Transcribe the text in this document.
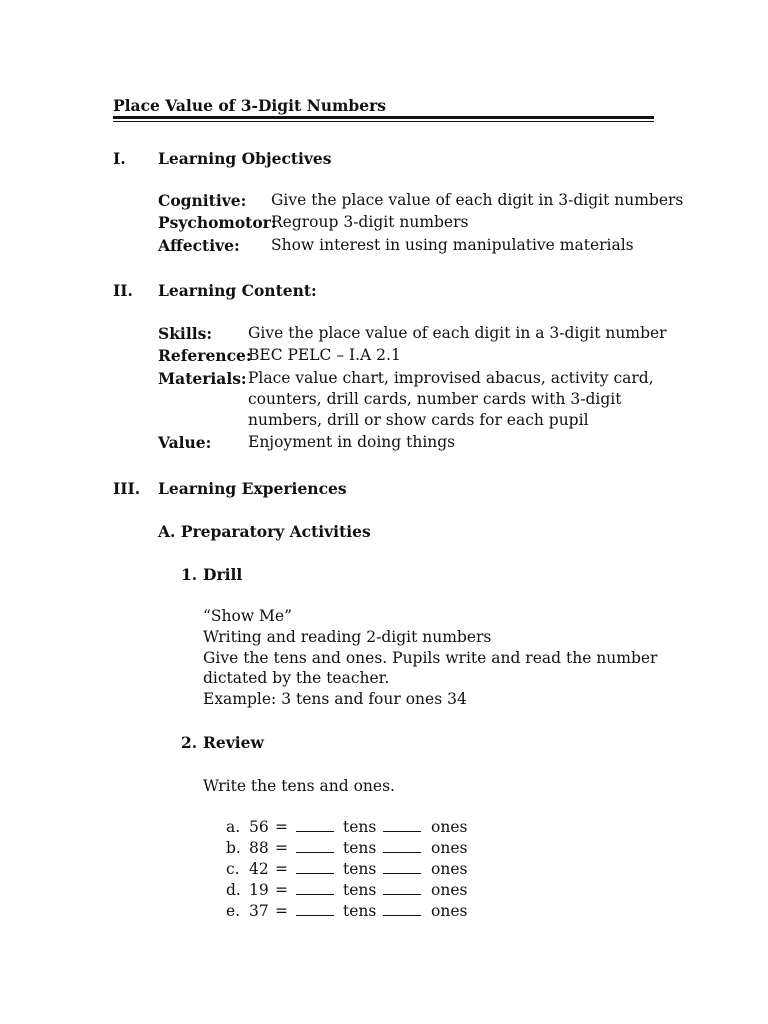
Place Value of 3-Digit Numbers
I. Learning Objectives
Cognitive: Give the place value of each digit in 3-digit numbers
Psychomotor:
Regroup 3-digit numbers
Affective: Show interest in using manipulative materials
II. Learning Content:
Skills: Give the place value of each digit in a 3-digit number
Reference:
BEC PELC – I.A 2.1
Materials: Place value chart, improvised abacus, activity card,
counters, drill cards, number cards with 3-digit
numbers, drill or show cards for each pupil
Value: Enjoyment in doing things
III. Learning Experiences
A. Preparatory Activities
1. Drill
“Show Me”
Writing and reading 2-digit numbers
Give the tens and ones. Pupils write and read the number
dictated by the teacher.
Example: 3 tens and four ones 34
2. Review
Write the tens and ones.
a. 56 =	tens	ones
b. 88 =	tens	ones
c. 42 =	tens	ones
d. 19 =	tens	ones
e. 37 =	tens	ones
